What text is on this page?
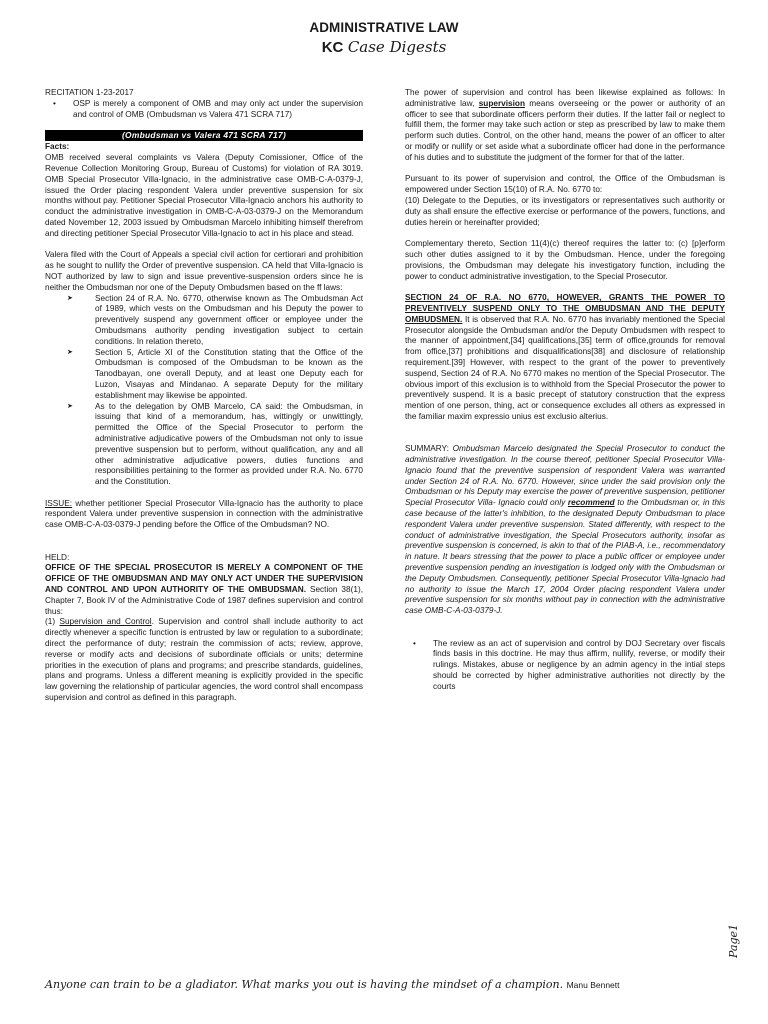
ADMINISTRATIVE LAW
KC Case Digests

RECITATION 1-23-2017

• OSP is merely a component of OMB and may only act under the supervision and control of OMB (Ombudsman vs Valera 471 SCRA 717)

(Ombudsman vs Valera 471 SCRA 717)

Facts:

OMB received several complaints vs Valera (Deputy Comissioner, Office of the Revenue Collection Monitoring Group, Bureau of Customs) for violation of RA 3019. OMB Special Prosecutor Villa-Ignacio, in the administrative case OMB-C-A-0379-J, issued the Order placing respondent Valera under preventive suspension for six months without pay. Petitioner Special Prosecutor Villa-Ignacio anchors his authority to conduct the administrative investigation in OMB-C-A-03-0379-J on the Memorandum dated November 12, 2003 issued by Ombudsman Marcelo inhibiting himself therefrom and directing petitioner Special Prosecutor Villa-Ignacio to act in his place and stead.

Valera filed with the Court of Appeals a special civil action for certiorari and prohibition as he sought to nullify the Order of preventive suspension. CA held that Villa-Ignacio is NOT authorized by law to sign and issue preventive-suspension orders since he is neither the Ombudsman nor one of the Deputy Ombudsmen based on the ff laws:

➤	Section 24 of R.A. No. 6770, otherwise known as The Ombudsman Act of 1989, which vests on the Ombudsman and his Deputy the power to preventively suspend any government officer or employee under the Ombudsmans authority pending investigation subject to certain conditions. In relation thereto,

➤	Section 5, Article XI of the Constitution stating that the Office of the Ombudsman is composed of the Ombudsman to be known as the Tanodbayan, one overall Deputy, and at least one Deputy each for Luzon, Visayas and Mindanao. A separate Deputy for the military establishment may likewise be appointed.

➤	As to the delegation by OMB Marcelo, CA said: the Ombudsman, in issuing that kind of a memorandum, has, wittingly or unwittingly, permitted the Office of the Special Prosecutor to perform the administrative adjudicative powers of the Ombudsman not only to issue preventive suspension but to perform, without qualification, any and all other administrative adjudicative powers, duties functions and responsibilities pertaining to the former as provided under R.A. No. 6770 and the Constitution.

ISSUE: whether petitioner Special Prosecutor Villa-Ignacio has the authority to place respondent Valera under preventive suspension in connection with the administrative case OMB-C-A-03-0379-J pending before the Office of the Ombudsman? NO.

HELD:

OFFICE OF THE SPECIAL PROSECUTOR IS MERELY A COMPONENT OF THE OFFICE OF THE OMBUDSMAN AND MAY ONLY ACT UNDER THE SUPERVISION AND CONTROL AND UPON AUTHORITY OF THE OMBUDSMAN. Section 38(1), Chapter 7, Book IV of the Administrative Code of 1987 defines supervision and control thus:

(1) Supervision and Control. Supervision and control shall include authority to act directly whenever a specific function is entrusted by law or regulation to a subordinate; direct the performance of duty; restrain the commission of acts; review, approve, reverse or modify acts and decisions of subordinate officials or units; determine priorities in the execution of plans and programs; and prescribe standards, guidelines, plans and programs. Unless a different meaning is explicitly provided in the specific law governing the relationship of particular agencies, the word control shall encompass supervision and control as defined in this paragraph.

The power of supervision and control has been likewise explained as follows: In administrative law, supervision means overseeing or the power or authority of an officer to see that subordinate officers perform their duties. If the latter fail or neglect to fulfill them, the former may take such action or step as prescribed by law to make them perform such duties. Control, on the other hand, means the power of an officer to alter or modify or nullify or set aside what a subordinate officer had done in the performance of his duties and to substitute the judgment of the former for that of the latter.

Pursuant to its power of supervision and control, the Office of the Ombudsman is empowered under Section 15(10) of R.A. No. 6770 to:

(10) Delegate to the Deputies, or its investigators or representatives such authority or duty as shall ensure the effective exercise or performance of the powers, functions, and duties herein or hereinafter provided;

Complementary thereto, Section 11(4)(c) thereof requires the latter to: (c) [p]erform such other duties assigned to it by the Ombudsman. Hence, under the foregoing provisions, the Ombudsman may delegate his investigatory function, including the power to conduct administrative investigation, to the Special Prosecutor.

SECTION 24 OF R.A. NO 6770, HOWEVER, GRANTS THE POWER TO PREVENTIVELY SUSPEND ONLY TO THE OMBUDSMAN AND THE DEPUTY OMBUDSMEN. It is observed that R.A. No. 6770 has invariably mentioned the Special Prosecutor alongside the Ombudsman and/or the Deputy Ombudsmen with respect to the manner of appointment,[34] qualifications,[35] term of office,grounds for removal from office,[37] prohibitions and disqualifications[38] and disclosure of relationship requirement.[39] However, with respect to the grant of the power to preventively suspend, Section 24 of R.A. No 6770 makes no mention of the Special Prosecutor. The obvious import of this exclusion is to withhold from the Special Prosecutor the power to preventively suspend. It is a basic precept of statutory construction that the express mention of one person, thing, act or consequence excludes all others as expressed in the familiar maxim expressio unius est exclusio alterius.

SUMMARY: Ombudsman Marcelo designated the Special Prosecutor to conduct the administrative investigation. In the course thereof, petitioner Special Prosecutor Villa-Ignacio found that the preventive suspension of respondent Valera was warranted under Section 24 of R.A. No. 6770. However, since under the said provision only the Ombudsman or his Deputy may exercise the power of preventive suspension, petitioner Special Prosecutor Villa- Ignacio could only recommend to the Ombudsman or, in this case because of the latter's inhibition, to the designated Deputy Ombudsman to place respondent Valera under preventive suspension. Stated differently, with respect to the conduct of administrative investigation, the Special Prosecutors authority, insofar as preventive suspension is concerned, is akin to that of the PIAB-A, i.e., recommendatory in nature. It bears stressing that the power to place a public officer or employee under preventive suspension pending an investigation is lodged only with the Ombudsman or the Deputy Ombudsmen. Consequently, petitioner Special Prosecutor Villa-Ignacio had no authority to issue the March 17, 2004 Order placing respondent Valera under preventive suspension for six months without pay in connection with the administrative case OMB-C-A-03-0379-J.

• The review as an act of supervision and control by DOJ Secretary over fiscals finds basis in this doctrine. He may thus affirm, nullify, reverse, or modify their rulings. Mistakes, abuse or negligence by an admin agency in the intial steps should be corrected by higher administrative authorities not directly by the courts

Anyone can train to be a gladiator. What marks you out is having the mindset of a champion. Manu Bennett
Page1
